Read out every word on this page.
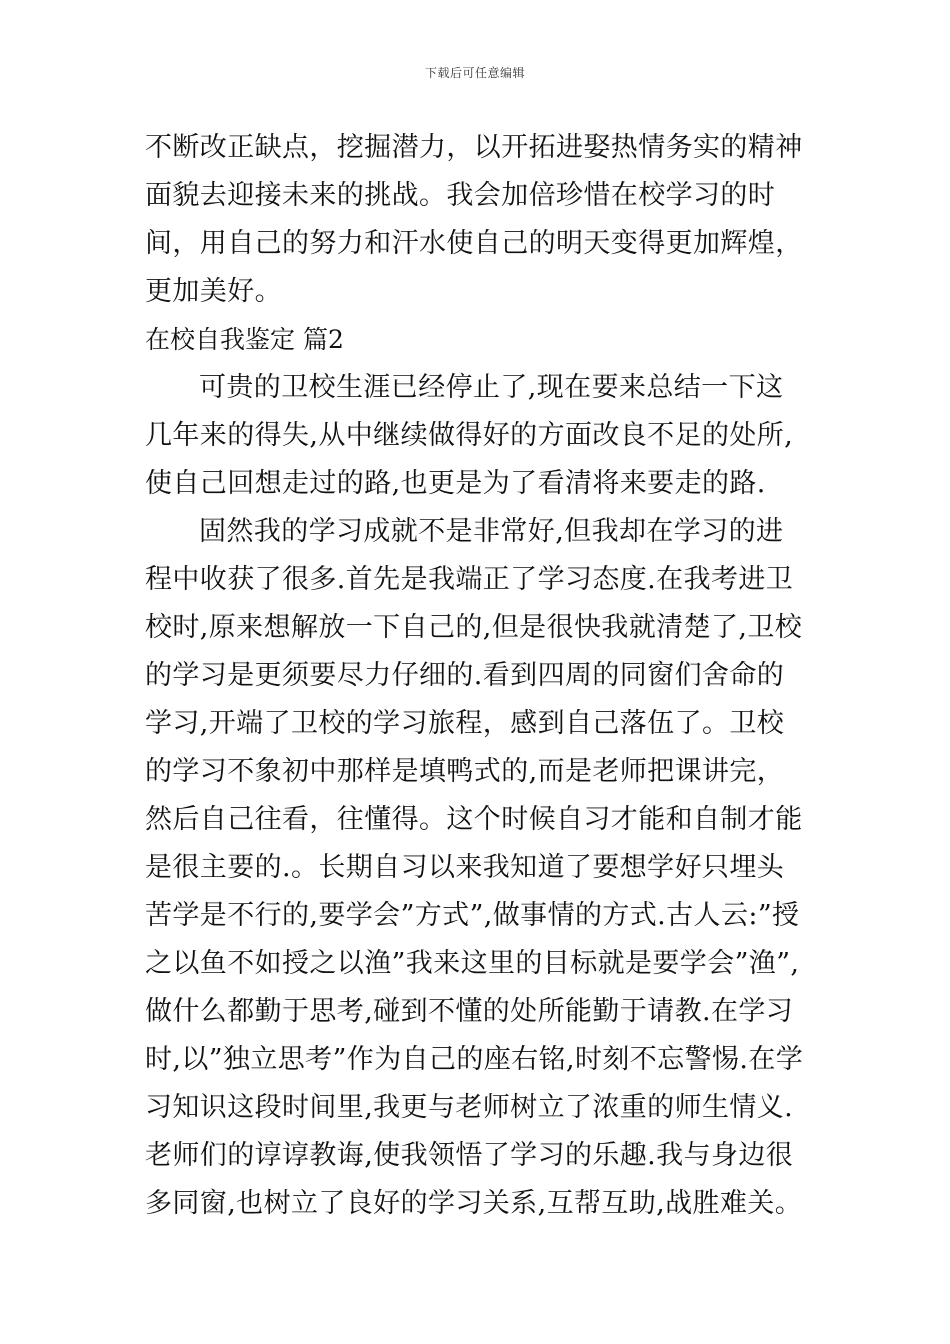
下载后可任意编辑

不断改正缺点，挖掘潜力，以开拓进娶热情务实的精神面貌去迎接未来的挑战。我会加倍珍惜在校学习的时间，用自己的努力和汗水使自己的明天变得更加辉煌，更加美好。

在校自我鉴定 篇2

可贵的卫校生涯已经停止了,现在要来总结一下这几年来的得失,从中继续做得好的方面改良不足的处所,使自己回想走过的路,也更是为了看清将来要走的路.

固然我的学习成就不是非常好,但我却在学习的进程中收获了很多.首先是我端正了学习态度.在我考进卫校时,原来想解放一下自己的,但是很快我就清楚了,卫校的学习是更须要尽力仔细的.看到四周的同窗们舍命的学习,开端了卫校的学习旅程，感到自己落伍了。卫校的学习不象初中那样是填鸭式的,而是老师把课讲完，然后自己往看，往懂得。这个时候自习才能和自制才能是很主要的.。长期自习以来我知道了要想学好只埋头苦学是不行的,要学会”方式”,做事情的方式.古人云:”授之以鱼不如授之以渔”我来这里的目标就是要学会”渔”,做什么都勤于思考,碰到不懂的处所能勤于请教.在学习时,以”独立思考”作为自己的座右铭,时刻不忘警惕.在学习知识这段时间里,我更与老师树立了浓重的师生情义.老师们的谆谆教诲,使我领悟了学习的乐趣.我与身边很多同窗,也树立了良好的学习关系,互帮互助,战胜难关。
